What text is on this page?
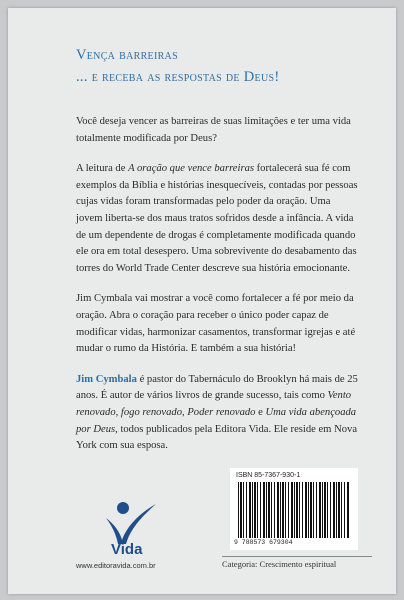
Vença barreiras
... e receba as respostas de Deus!

Você deseja vencer as barreiras de suas limitações e ter uma vida totalmente modificada por Deus?

A leitura de A oração que vence barreiras fortalecerá sua fé com exemplos da Bíblia e histórias inesquecíveis, contadas por pessoas cujas vidas foram transformadas pelo poder da oração. Uma jovem liberta-se dos maus tratos sofridos desde a infância. A vida de um dependente de drogas é completamente modificada quando ele ora em total desespero. Uma sobrevivente do desabamento das torres do World Trade Center descreve sua história emocionante.

Jim Cymbala vai mostrar a você como fortalecer a fé por meio da oração. Abra o coração para receber o único poder capaz de modificar vidas, harmonizar casamentos, transformar igrejas e até mudar o rumo da História. E também a sua história!

Jim Cymbala é pastor do Tabernáculo do Brooklyn há mais de 25 anos. É autor de vários livros de grande sucesso, tais como Vento renovado, fogo renovado, Poder renovado e Uma vida abençoada por Deus, todos publicados pela Editora Vida. Ele reside em Nova York com sua esposa.

Vida
www.editoravida.com.br
ISBN 85-7367-930-1
9 788573 679304
Categoria: Crescimento espiritual
